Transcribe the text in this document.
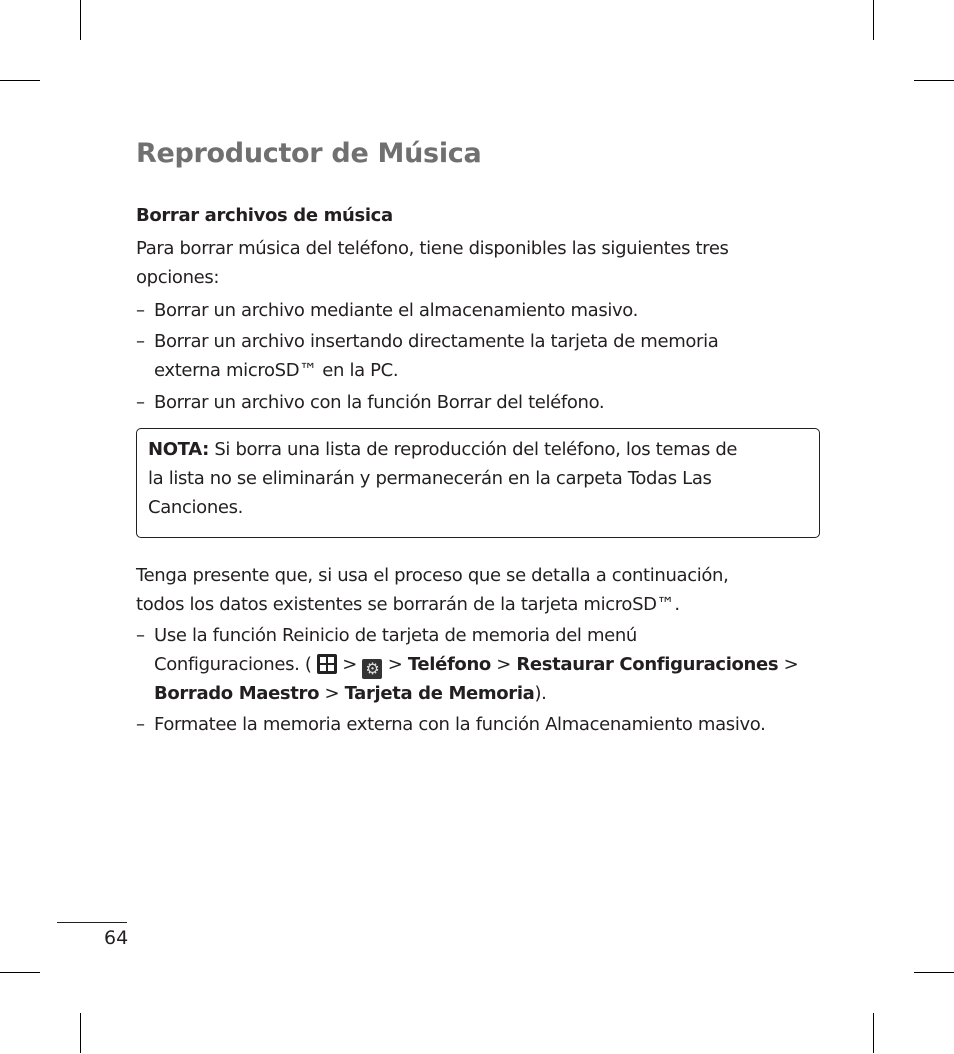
Reproductor de Música
Borrar archivos de música
Para borrar música del teléfono, tiene disponibles las siguientes tres
opciones:
– Borrar un archivo mediante el almacenamiento masivo.
– Borrar un archivo insertando directamente la tarjeta de memoria
externa microSD™ en la PC.
– Borrar un archivo con la función Borrar del teléfono.
NOTA: Si borra una lista de reproducción del teléfono, los temas de
la lista no se eliminarán y permanecerán en la carpeta Todas Las
Canciones.
Tenga presente que, si usa el proceso que se detalla a continuación,
todos los datos existentes se borrarán de la tarjeta microSD™.
– Use la función Reinicio de tarjeta de memoria del menú
Configuraciones. (
> ⚙ > Teléfono > Restaurar Configuraciones >
Borrado Maestro > Tarjeta de Memoria).
– Formatee la memoria externa con la función Almacenamiento masivo.
64
